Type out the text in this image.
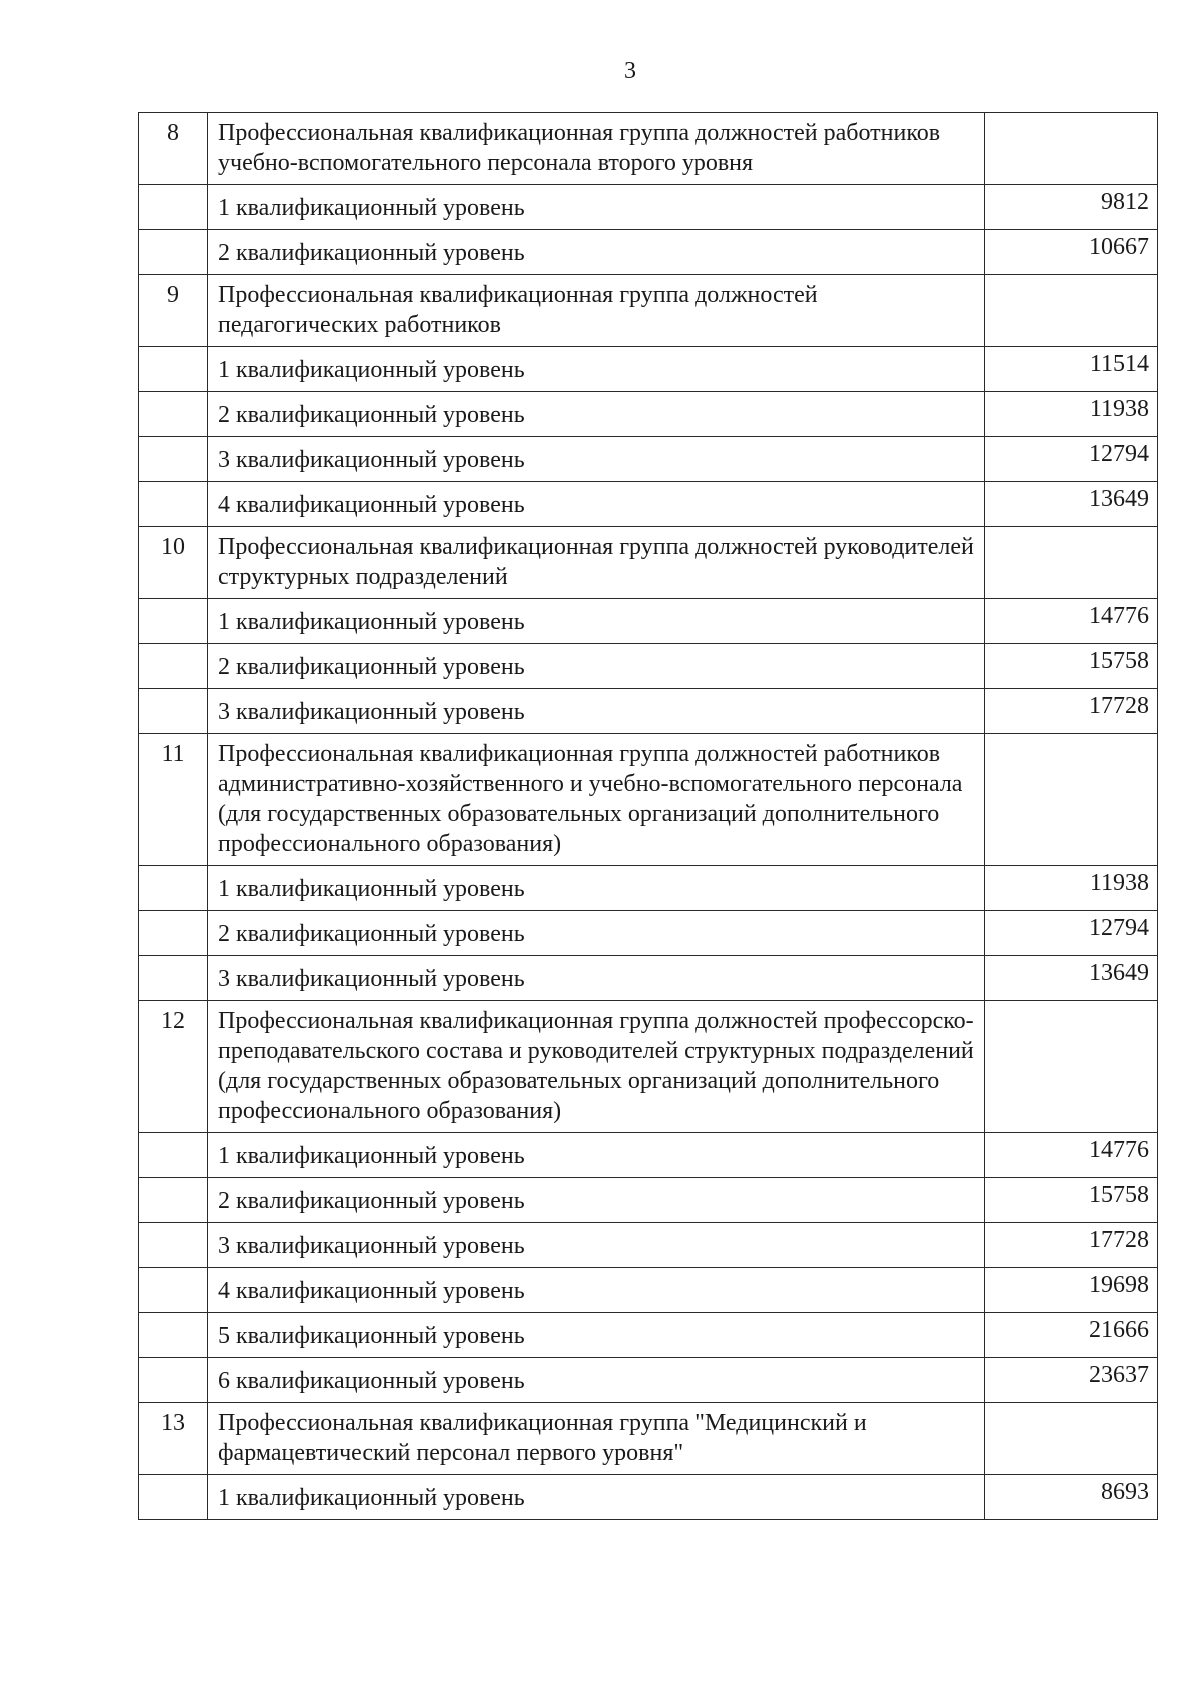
3
8	Профессиональная квалификационная группа должностей работников учебно-вспомогательного персонала второго уровня	
	1 квалификационный уровень	9812
	2 квалификационный уровень	10667
9	Профессиональная квалификационная группа должностей педагогических работников	
	1 квалификационный уровень	11514
	2 квалификационный уровень	11938
	3 квалификационный уровень	12794
	4 квалификационный уровень	13649
10	Профессиональная квалификационная группа должностей руководителей структурных подразделений	
	1 квалификационный уровень	14776
	2 квалификационный уровень	15758
	3 квалификационный уровень	17728
11	Профессиональная квалификационная группа должностей работников административно-хозяйственного и учебно-вспомогательного персонала (для государственных образовательных организаций дополнительного профессионального образования)	
	1 квалификационный уровень	11938
	2 квалификационный уровень	12794
	3 квалификационный уровень	13649
12	Профессиональная квалификационная группа должностей профессорско-преподавательского состава и руководителей структурных подразделений (для государственных образовательных организаций дополнительного профессионального образования)	
	1 квалификационный уровень	14776
	2 квалификационный уровень	15758
	3 квалификационный уровень	17728
	4 квалификационный уровень	19698
	5 квалификационный уровень	21666
	6 квалификационный уровень	23637
13	Профессиональная квалификационная группа "Медицинский и фармацевтический персонал первого уровня"	
	1 квалификационный уровень	8693
